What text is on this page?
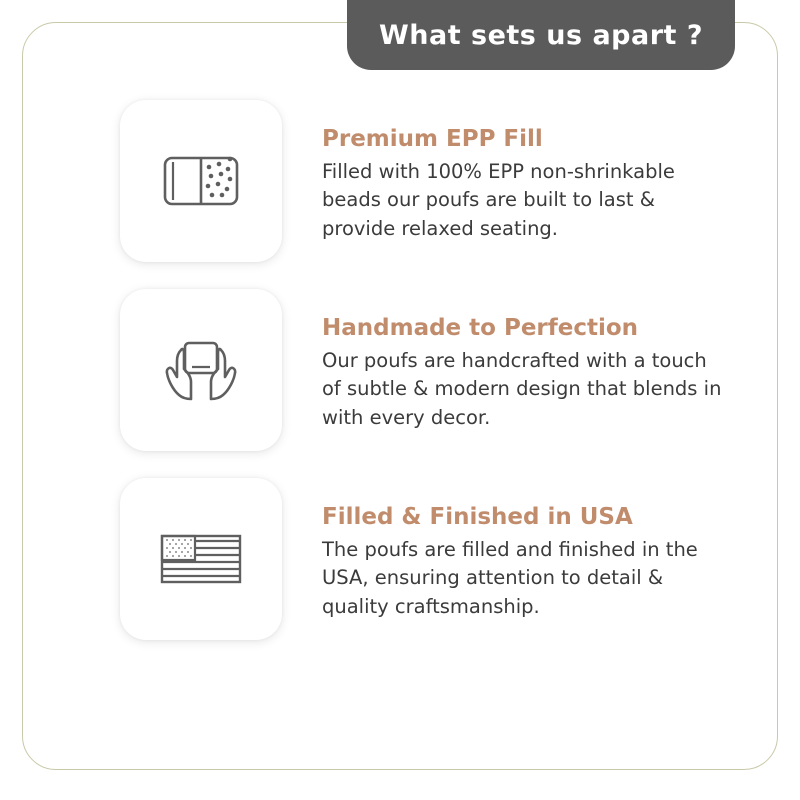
What sets us apart ?

Premium EPP Fill

Filled with 100% EPP non-shrinkable beads our poufs are built to last & provide relaxed seating.

Handmade to Perfection

Our poufs are handcrafted with a touch of subtle & modern design that blends in with every decor.

Filled & Finished in USA

The poufs are filled and finished in the USA, ensuring attention to detail & quality craftsmanship.
